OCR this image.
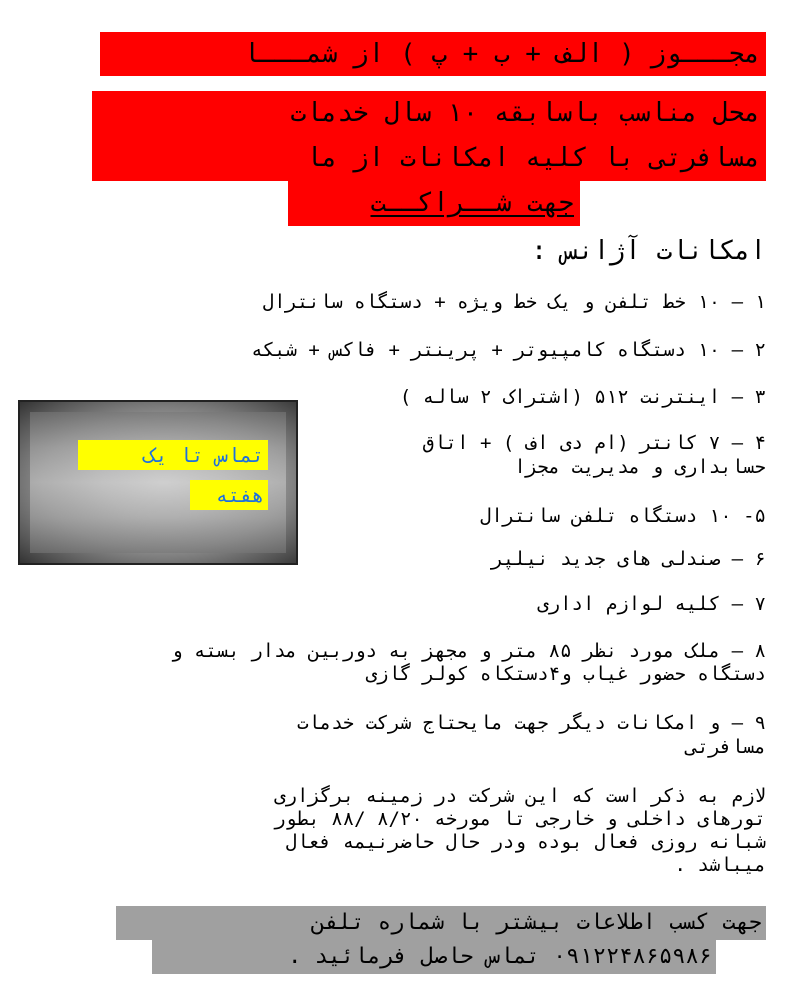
مجـــوز ( الف + ب + پ ) از شمـــا
محل مناسب باسابقه ۱۰ سال خدمات
مسافرتی با کلیه امکانات از ما
جهت شــراکــت
امکانات آژانس :
۱ – ۱۰ خط تلفن و یک خط ویژه + دستگاه سانترال
۲ – ۱۰ دستگاه کامپیوتر + پرینتر + فاکس + شبکه
۳ – اینترنت ۵۱۲ (اشتراک ۲ ساله )
۴ – ۷ کانتر (ام دی اف ) + اتاق
حسابداری و مدیریت مجزا
۵- ۱۰ دستگاه تلفن سانترال
۶ – صندلی های جدید نیلپر
۷ – کلیه لوازم اداری
۸ – ملک مورد نظر ۸۵ متر و مجهز به دوربین مدار بسته و
دستگاه حضور غیاب و۴دستکاه کولر گازی
۹ – و امکانات دیگر جهت مایحتاج شرکت خدمات
مسافرتی
لازم به ذکر است که این شرکت در زمینه برگزاری
تورهای داخلی و خارجی تا مورخه ۸/۲۰ /۸۸ بطور
شبانه روزی فعال بوده ودر حال حاضرنیمه فعال
میباشد .
تماس تا یک
هفته
جهت کسب اطلاعات بیشتر با شماره تلفن
۰۹۱۲۲۴۸۶۵۹۸۶ تماس حاصل فرمائید .
